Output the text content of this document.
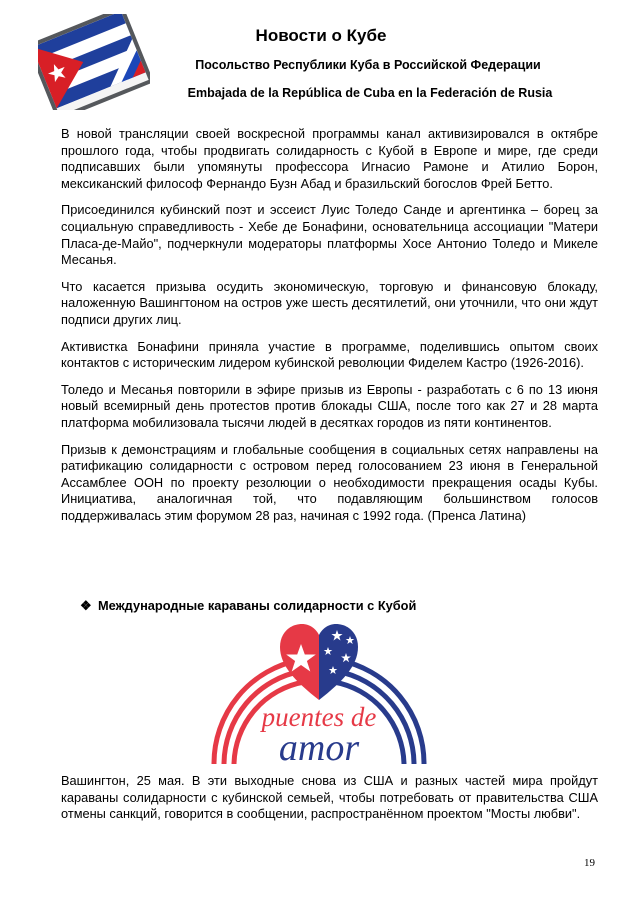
Новости о Кубе
Посольство Республики Куба в Российской Федерации
Embajada de la República de Cuba en la Federación de Rusia

В новой трансляции своей воскресной программы канал активизировался в октябре прошлого года, чтобы продвигать солидарность с Кубой в Европе и мире, где среди подписавших были упомянуты профессора Игнасио Рамоне и Атилио Борон, мексиканский философ Фернандо Бузн Абад и бразильский богослов Фрей Бетто.

Присоединился кубинский поэт и эссеист Луис Толедо Санде и аргентинка – борец за социальную справедливость - Хебе де Бонафини, основательница ассоциации "Матери Пласа-де-Майо", подчеркнули модераторы платформы Хосе Антонио Толедо и Микеле Месанья.

Что касается призыва осудить экономическую, торговую и финансовую блокаду, наложенную Вашингтоном на остров уже шесть десятилетий, они уточнили, что они ждут подписи других лиц.

Активистка Бонафини приняла участие в программе, поделившись опытом своих контактов с историческим лидером кубинской революции Фиделем Кастро (1926-2016).

Толедо и Месанья повторили в эфире призыв из Европы - разработать с 6 по 13 июня новый всемирный день протестов против блокады США, после того как 27 и 28 марта платформа мобилизовала тысячи людей в десятках городов из пяти континентов.

Призыв к демонстрациям и глобальные сообщения в социальных сетях направлены на ратификацию солидарности с островом перед голосованием 23 июня в Генеральной Ассамблее ООН по проекту резолюции о необходимости прекращения осады Кубы. Инициатива, аналогичная той, что подавляющим большинством голосов поддерживалась этим форумом 28 раз, начиная с 1992 года. (Пренса Латина)

❖ Международные караваны солидарности с Кубой
puentes de
amor

Вашингтон, 25 мая. В эти выходные снова из США и разных частей мира пройдут караваны солидарности с кубинской семьей, чтобы потребовать от правительства США отмены санкций, говорится в сообщении, распространённом проектом "Мосты любви".

19
